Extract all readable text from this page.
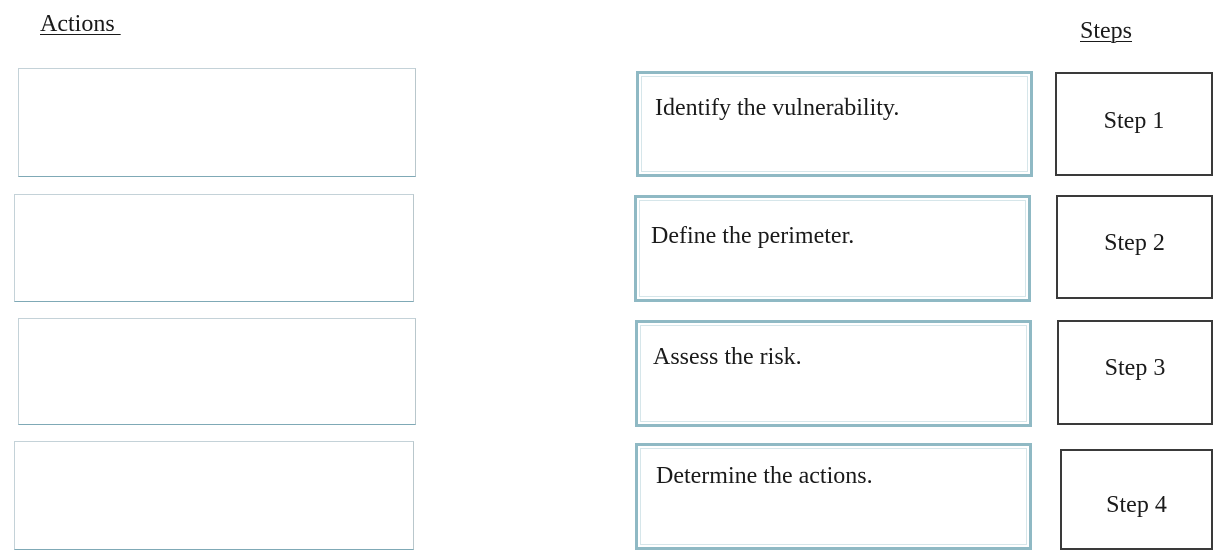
Actions	Steps
Identify the vulnerability.
Define the perimeter.
Assess the risk.
Determine the actions.
Step 1
Step 2
Step 3
Step 4
